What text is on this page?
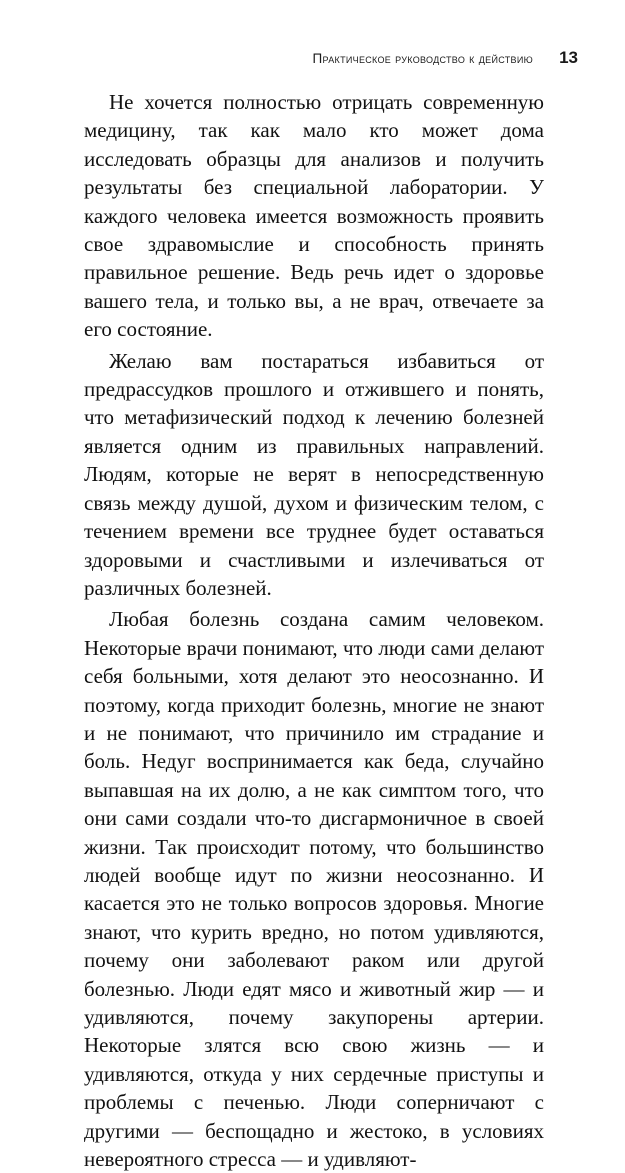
Практическое руководство к действию 13

Не хочется полностью отрицать современную медицину, так как мало кто может дома исследовать образцы для анализов и получить результаты без специальной лаборатории. У каждого человека имеется возможность проявить свое здравомыслие и способность принять правильное решение. Ведь речь идет о здоровье вашего тела, и только вы, а не врач, отвечаете за его состояние.

Желаю вам постараться избавиться от предрассудков прошлого и отжившего и понять, что метафизический подход к лечению болезней является одним из правильных направлений. Людям, которые не верят в непосредственную связь между душой, духом и физическим телом, с течением времени все труднее будет оставаться здоровыми и счастливыми и излечиваться от различных болезней.

Любая болезнь создана самим человеком. Некоторые врачи понимают, что люди сами делают себя больными, хотя делают это неосознанно. И поэтому, когда приходит болезнь, многие не знают и не понимают, что причинило им страдание и боль. Недуг воспринимается как беда, случайно выпавшая на их долю, а не как симптом того, что они сами создали что-то дисгармоничное в своей жизни. Так происходит потому, что большинство людей вообще идут по жизни неосознанно. И касается это не только вопросов здоровья. Многие знают, что курить вредно, но потом удивляются, почему они заболевают раком или другой болезнью. Люди едят мясо и животный жир — и удивляются, почему закупорены артерии. Некоторые злятся всю свою жизнь — и удивляются, откуда у них сердечные приступы и проблемы с печенью. Люди соперничают с другими — беспощадно и жестоко, в условиях невероятного стресса — и удивляют-
